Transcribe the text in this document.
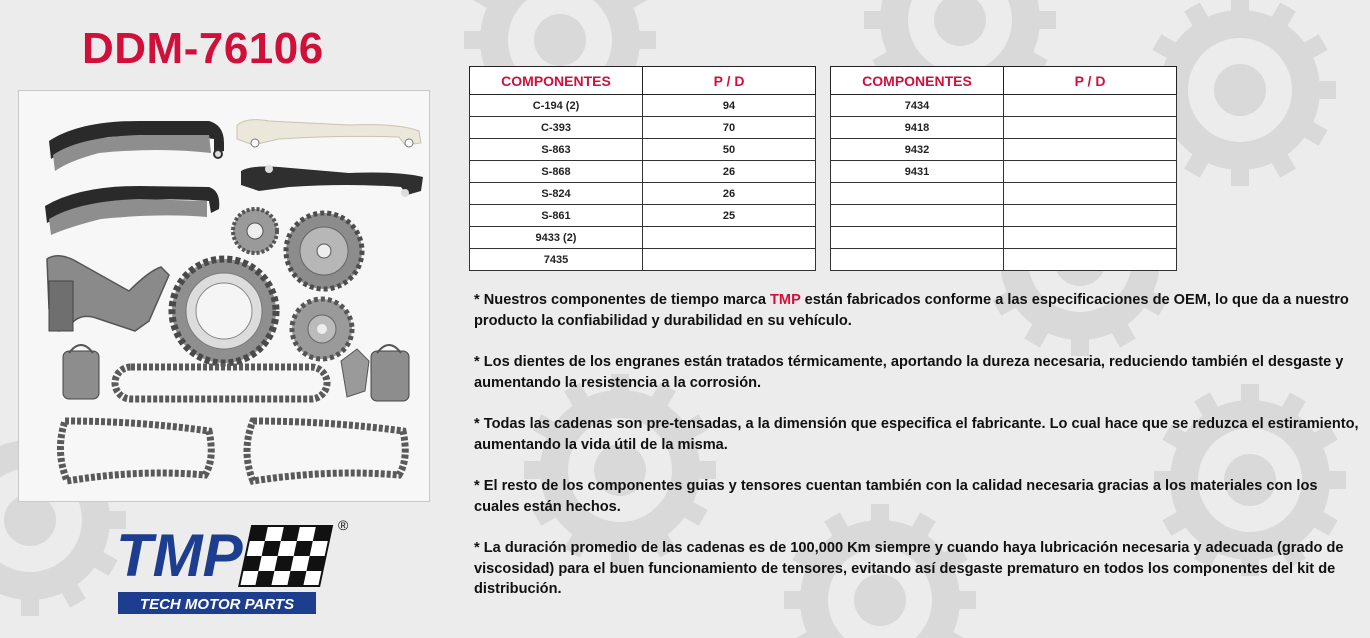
DDM-76106
COMPONENTES	P / D
C-194 (2)	94
C-393	70
S-863	50
S-868	26
S-824	26
S-861	25
9433 (2)	
7435	
COMPONENTES	P / D
7434	
9418	
9432	
9431	

* Nuestros componentes de tiempo marca TMP están fabricados conforme a las especificaciones de OEM, lo que da a nuestro producto la confiabilidad y durabilidad en su vehículo.

* Los dientes de los engranes están tratados térmicamente, aportando la dureza necesaria, reduciendo también el desgaste y aumentando la resistencia a la corrosión.

* Todas las cadenas son pre-tensadas, a la dimensión que especifica el fabricante. Lo cual hace que se reduzca el estiramiento, aumentando la vida útil de la misma.

* El resto de los componentes guias y tensores cuentan también con la calidad necesaria gracias a los materiales con los cuales están hechos.

* La duración promedio de las cadenas es de 100,000 Km siempre y cuando haya lubricación necesaria y adecuada (grado de viscosidad) para el buen funcionamiento de tensores, evitando así desgaste prematuro en todos los componentes del kit de distribución.

TMP	®
TECH MOTOR PARTS
